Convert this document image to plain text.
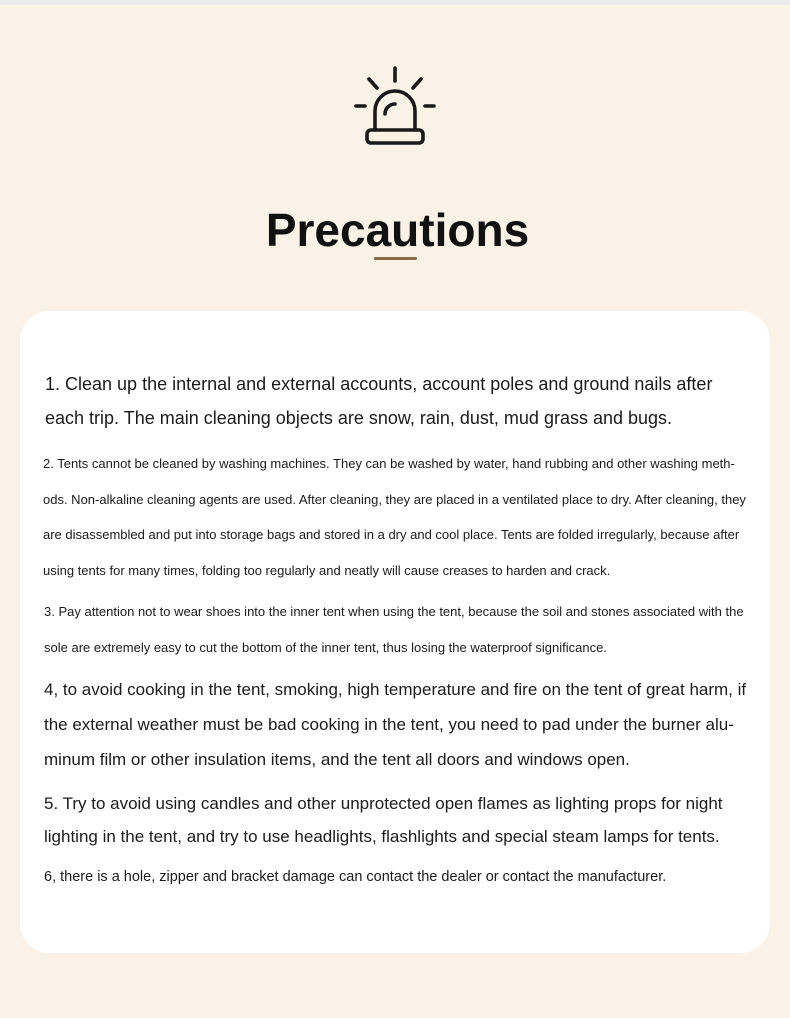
Precautions

1. Clean up the internal and external accounts, account poles and ground nails after each trip. The main cleaning objects are snow, rain, dust, mud grass and bugs.

2. Tents cannot be cleaned by washing machines. They can be washed by water, hand rubbing and other washing meth-ods. Non-alkaline cleaning agents are used. After cleaning, they are placed in a ventilated place to dry. After cleaning, they are disassembled and put into storage bags and stored in a dry and cool place. Tents are folded irregularly, because after using tents for many times, folding too regularly and neatly will cause creases to harden and crack.

3. Pay attention not to wear shoes into the inner tent when using the tent, because the soil and stones associated with the sole are extremely easy to cut the bottom of the inner tent, thus losing the waterproof significance.

4, to avoid cooking in the tent, smoking, high temperature and fire on the tent of great harm, if the external weather must be bad cooking in the tent, you need to pad under the burner alu-minum film or other insulation items, and the tent all doors and windows open.

5. Try to avoid using candles and other unprotected open flames as lighting props for night lighting in the tent, and try to use headlights, flashlights and special steam lamps for tents.

6, there is a hole, zipper and bracket damage can contact the dealer or contact the manufacturer.
